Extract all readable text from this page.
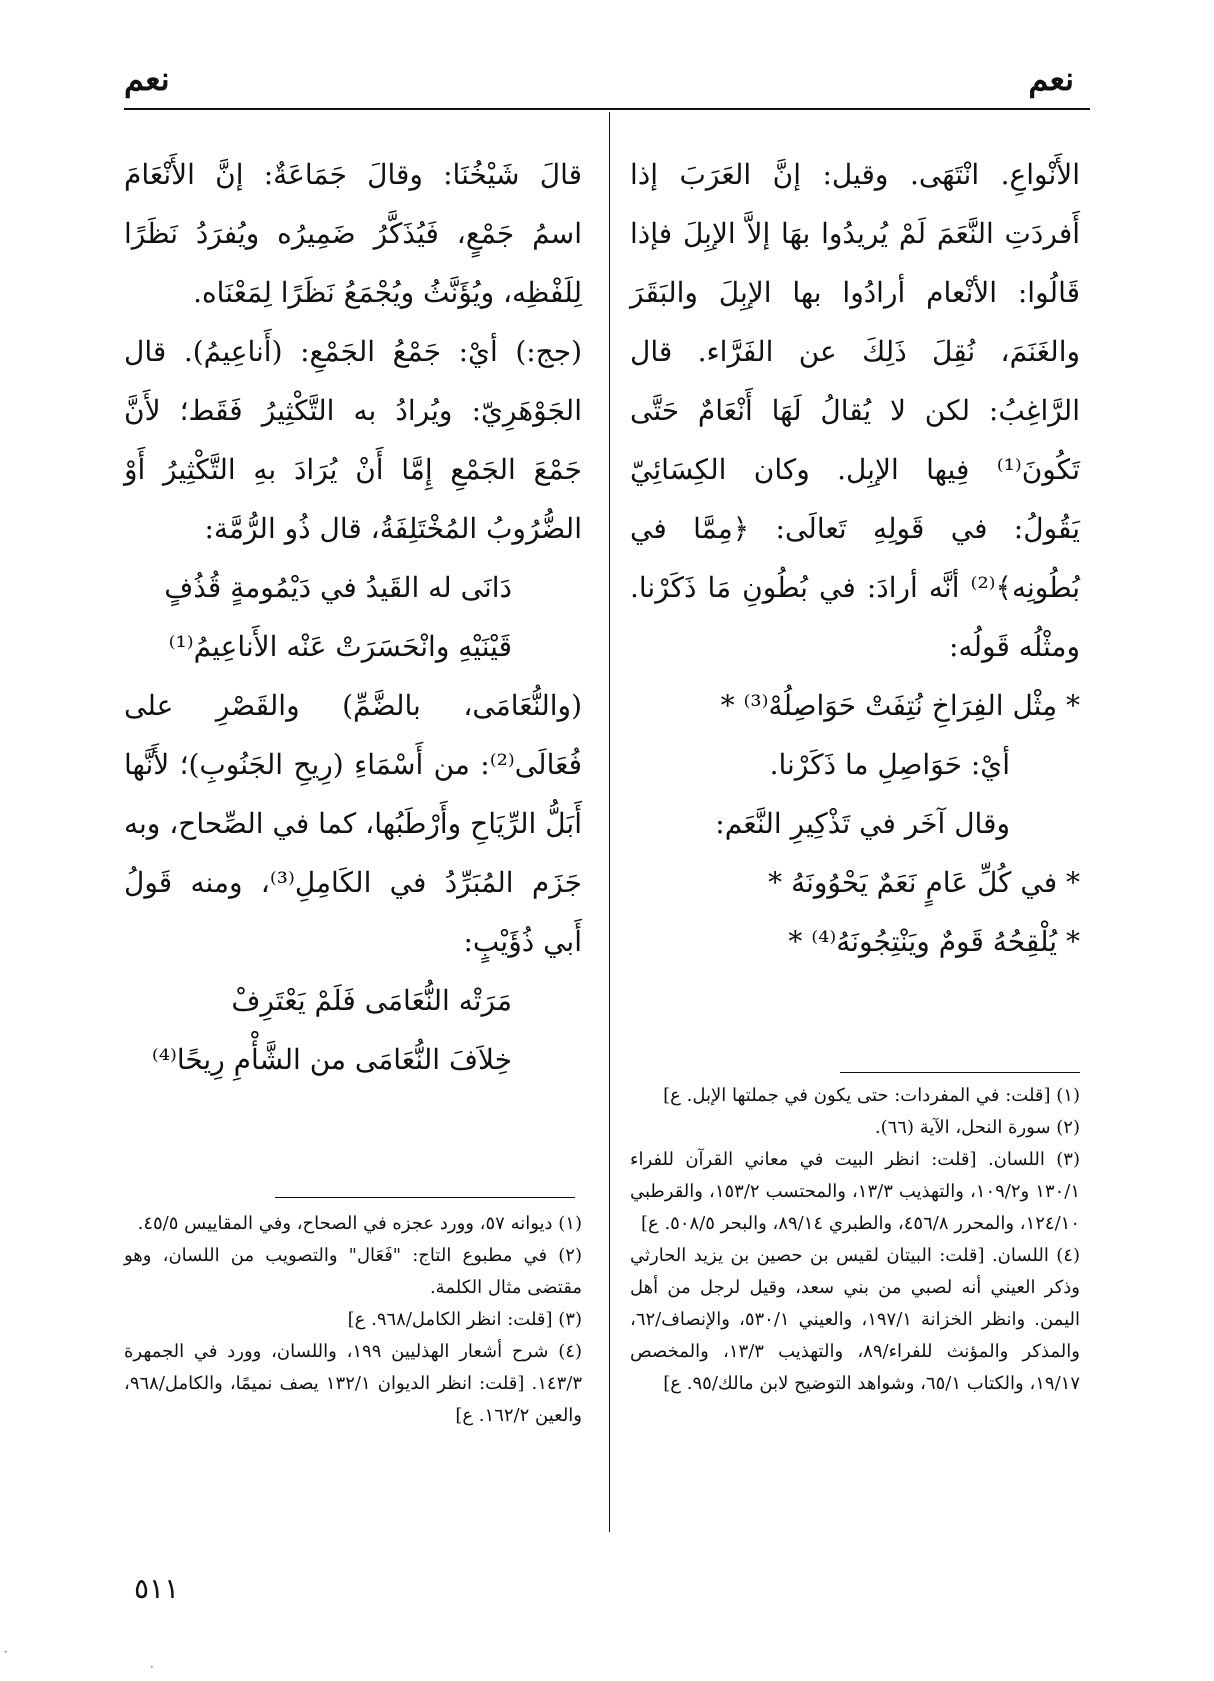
نعم
نعم

الأَنْواعِ. انْتَهَى. وقيل: إنَّ العَرَبَ إذا أَفردَتِ النَّعَمَ لَمْ يُريدُوا بهَا إلاَّ الإبِلَ فإذا قَالُوا: الأنْعام أرادُوا بها الإبِلَ والبَقَرَ والغَنَمَ، نُقِلَ ذَلِكَ عن الفَرَّاء. قال الرَّاغِبُ: لكن لا يُقالُ لَهَا أَنْعَامٌ حَتَّى تَكُونَ⁽¹⁾ فِيها الإبِل. وكان الكِسَائِيّ يَقُولُ: في قَولِهِ تَعالَى: ﴿مِمَّا في بُطُونِه﴾⁽²⁾ أنَّه أرادَ: في بُطُونِ مَا ذَكَرْنا. ومثْلُه قَولُه:

* مِثْل الفِرَاخِ نُتِفَتْ حَوَاصِلُهْ⁽³⁾ *

أيْ: حَوَاصِلِ ما ذَكَرْنا.

وقال آخَر في تَذْكِيرِ النَّعَم:

* في كُلِّ عَامٍ نَعَمٌ يَحْوُونَهُ *

* يُلْقِحُهُ قَومٌ ويَنْتِجُونَهُ⁽⁴⁾ *

قالَ شَيْخُنَا: وقالَ جَمَاعَةٌ: إنَّ الأَنْعَامَ اسمُ جَمْعٍ، فَيُذَكَّرُ ضَمِيرُه ويُفرَدُ نَظَرًا لِلَفْظِه، ويُؤَنَّثُ ويُجْمَعُ نَظَرًا لِمَعْنَاه.

(جج:) أيْ: جَمْعُ الجَمْعِ: (أَناعِيمُ). قال الجَوْهَرِيّ: ويُرادُ به التَّكْثِيرُ فَقَط؛ لأَنَّ جَمْعَ الجَمْعِ إِمَّا أَنْ يُرَادَ بهِ التَّكْثِيرُ أَوْ الضُّرُوبُ المُخْتَلِفَةُ، قال ذُو الرُّمَّة:

دَانَى له القَيدُ في دَيْمُومةٍ قُذُفٍ

قَيْنَيْهِ وانْحَسَرَتْ عَنْه الأَناعِيمُ⁽¹⁾

(والنُّعَامَى، بالضَّمِّ) والقَصْرِ على فُعَالَى⁽²⁾: من أَسْمَاءِ (رِيحِ الجَنُوبِ)؛ لأَنَّها أَبَلُّ الرِّيَاحِ وأَرْطَبُها، كما في الصِّحاح، وبه جَزَم المُبَرِّدُ في الكَامِلِ⁽³⁾، ومنه قَولُ أَبي ذُؤَيْبٍ:

مَرَتْه النُّعَامَى فَلَمْ يَعْتَرِفْ

خِلاَفَ النُّعَامَى من الشَّأْمِ رِيحًا⁽⁴⁾

(١) [قلت: في المفردات: حتى يكون في جملتها الإبل. ع]

(٢) سورة النحل، الآية (٦٦).

(٣) اللسان. [قلت: انظر البيت في معاني القرآن للفراء ١٣٠/١ و١٠٩/٢، والتهذيب ١٣/٣، والمحتسب ١٥٣/٢، والقرطبي ١٢٤/١٠، والمحرر ٤٥٦/٨، والطبري ٨٩/١٤، والبحر ٥٠٨/٥. ع]

(٤) اللسان. [قلت: البيتان لقيس بن حصين بن يزيد الحارثي وذكر العيني أنه لصبي من بني سعد، وقيل لرجل من أهل اليمن. وانظر الخزانة ١٩٧/١، والعيني ٥٣٠/١، والإنصاف/٦٢، والمذكر والمؤنث للفراء/٨٩، والتهذيب ١٣/٣، والمخصص ١٩/١٧، والكتاب ٦٥/١، وشواهد التوضيح لابن مالك/٩٥. ع]

(١) ديوانه ٥٧، وورد عجزه في الصحاح، وفي المقاييس ٤٥/٥.

(٢) في مطبوع التاج: "فَعَال" والتصويب من اللسان، وهو مقتضى مثال الكلمة.

(٣) [قلت: انظر الكامل/٩٦٨. ع]

(٤) شرح أشعار الهذليين ١٩٩، واللسان، وورد في الجمهرة ١٤٣/٣. [قلت: انظر الديوان ١٣٢/١ يصف نميمًا، والكامل/٩٦٨، والعين ١٦٢/٢. ع]

٥١١
·
·
